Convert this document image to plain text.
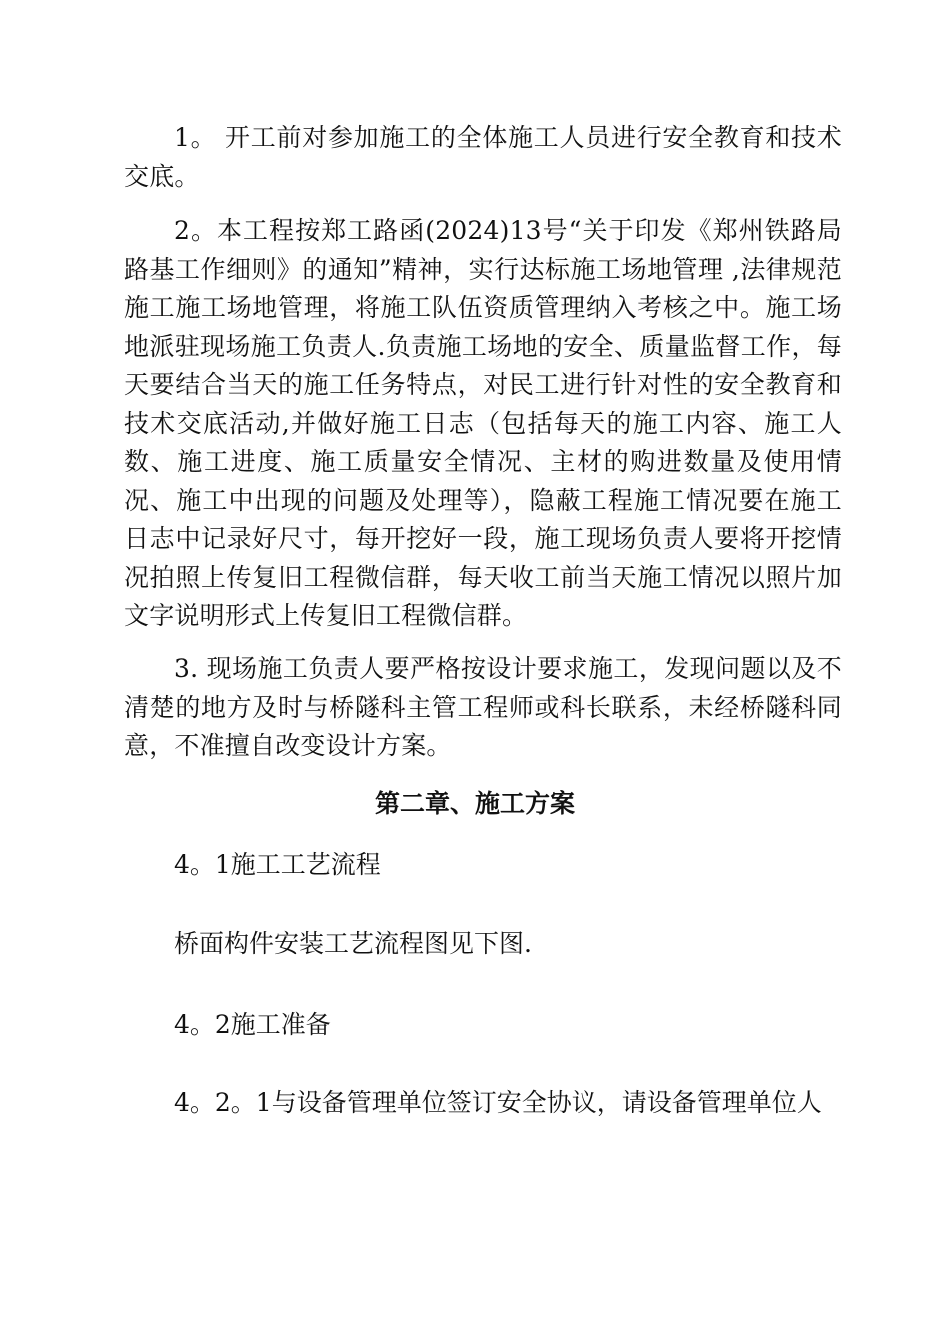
1。 开工前对参加施工的全体施工人员进行安全教育和技术交底。

2。本工程按郑工路函(2024)13号“关于印发《郑州铁路局路基工作细则》的通知”精神，实行达标施工场地管理 ,法律规范施工施工场地管理，将施工队伍资质管理纳入考核之中。施工场地派驻现场施工负责人.负责施工场地的安全、质量监督工作，每天要结合当天的施工任务特点，对民工进行针对性的安全教育和技术交底活动,并做好施工日志（包括每天的施工内容、施工人数、施工进度、施工质量安全情况、主材的购进数量及使用情况、施工中出现的问题及处理等），隐蔽工程施工情况要在施工日志中记录好尺寸，每开挖好一段，施工现场负责人要将开挖情况拍照上传复旧工程微信群，每天收工前当天施工情况以照片加文字说明形式上传复旧工程微信群。

3. 现场施工负责人要严格按设计要求施工，发现问题以及不清楚的地方及时与桥隧科主管工程师或科长联系，未经桥隧科同意，不准擅自改变设计方案。

第二章、施工方案

4。1施工工艺流程

桥面构件安装工艺流程图见下图.

4。2施工准备

4。2。1与设备管理单位签订安全协议，请设备管理单位人
